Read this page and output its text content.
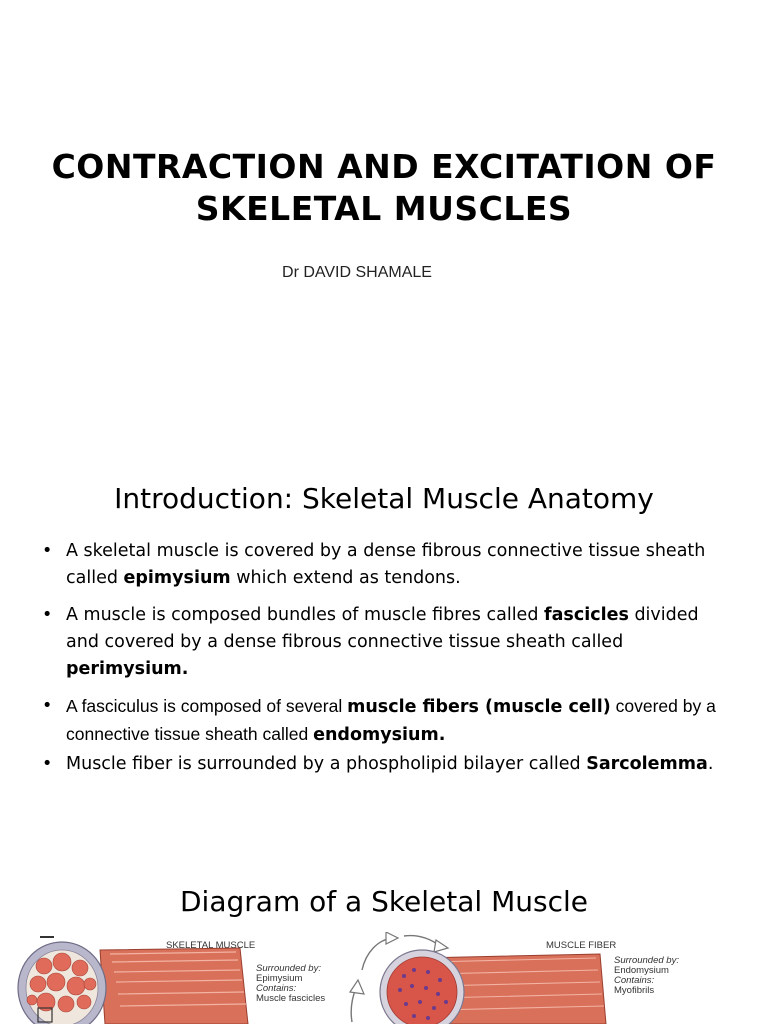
CONTRACTION AND EXCITATION OF
SKELETAL MUSCLES
Dr DAVID SHAMALE
Introduction: Skeletal Muscle Anatomy
• A skeletal muscle is covered by a dense fibrous connective tissue sheath called epimysium which extend as tendons.
• A muscle is composed bundles of muscle fibres called fascicles divided and covered by a dense fibrous connective tissue sheath called perimysium.
• A fasciculus is composed of several muscle fibers (muscle cell) covered by a connective tissue sheath called endomysium.
• Muscle fiber is surrounded by a phospholipid bilayer called Sarcolemma.
Diagram of a Skeletal Muscle
SKELETAL MUSCLE	MUSCLE FIBER
Surrounded by:
Epimysium
Contains:
Muscle fascicles
Surrounded by:
Endomysium
Contains:
Myofibrils
